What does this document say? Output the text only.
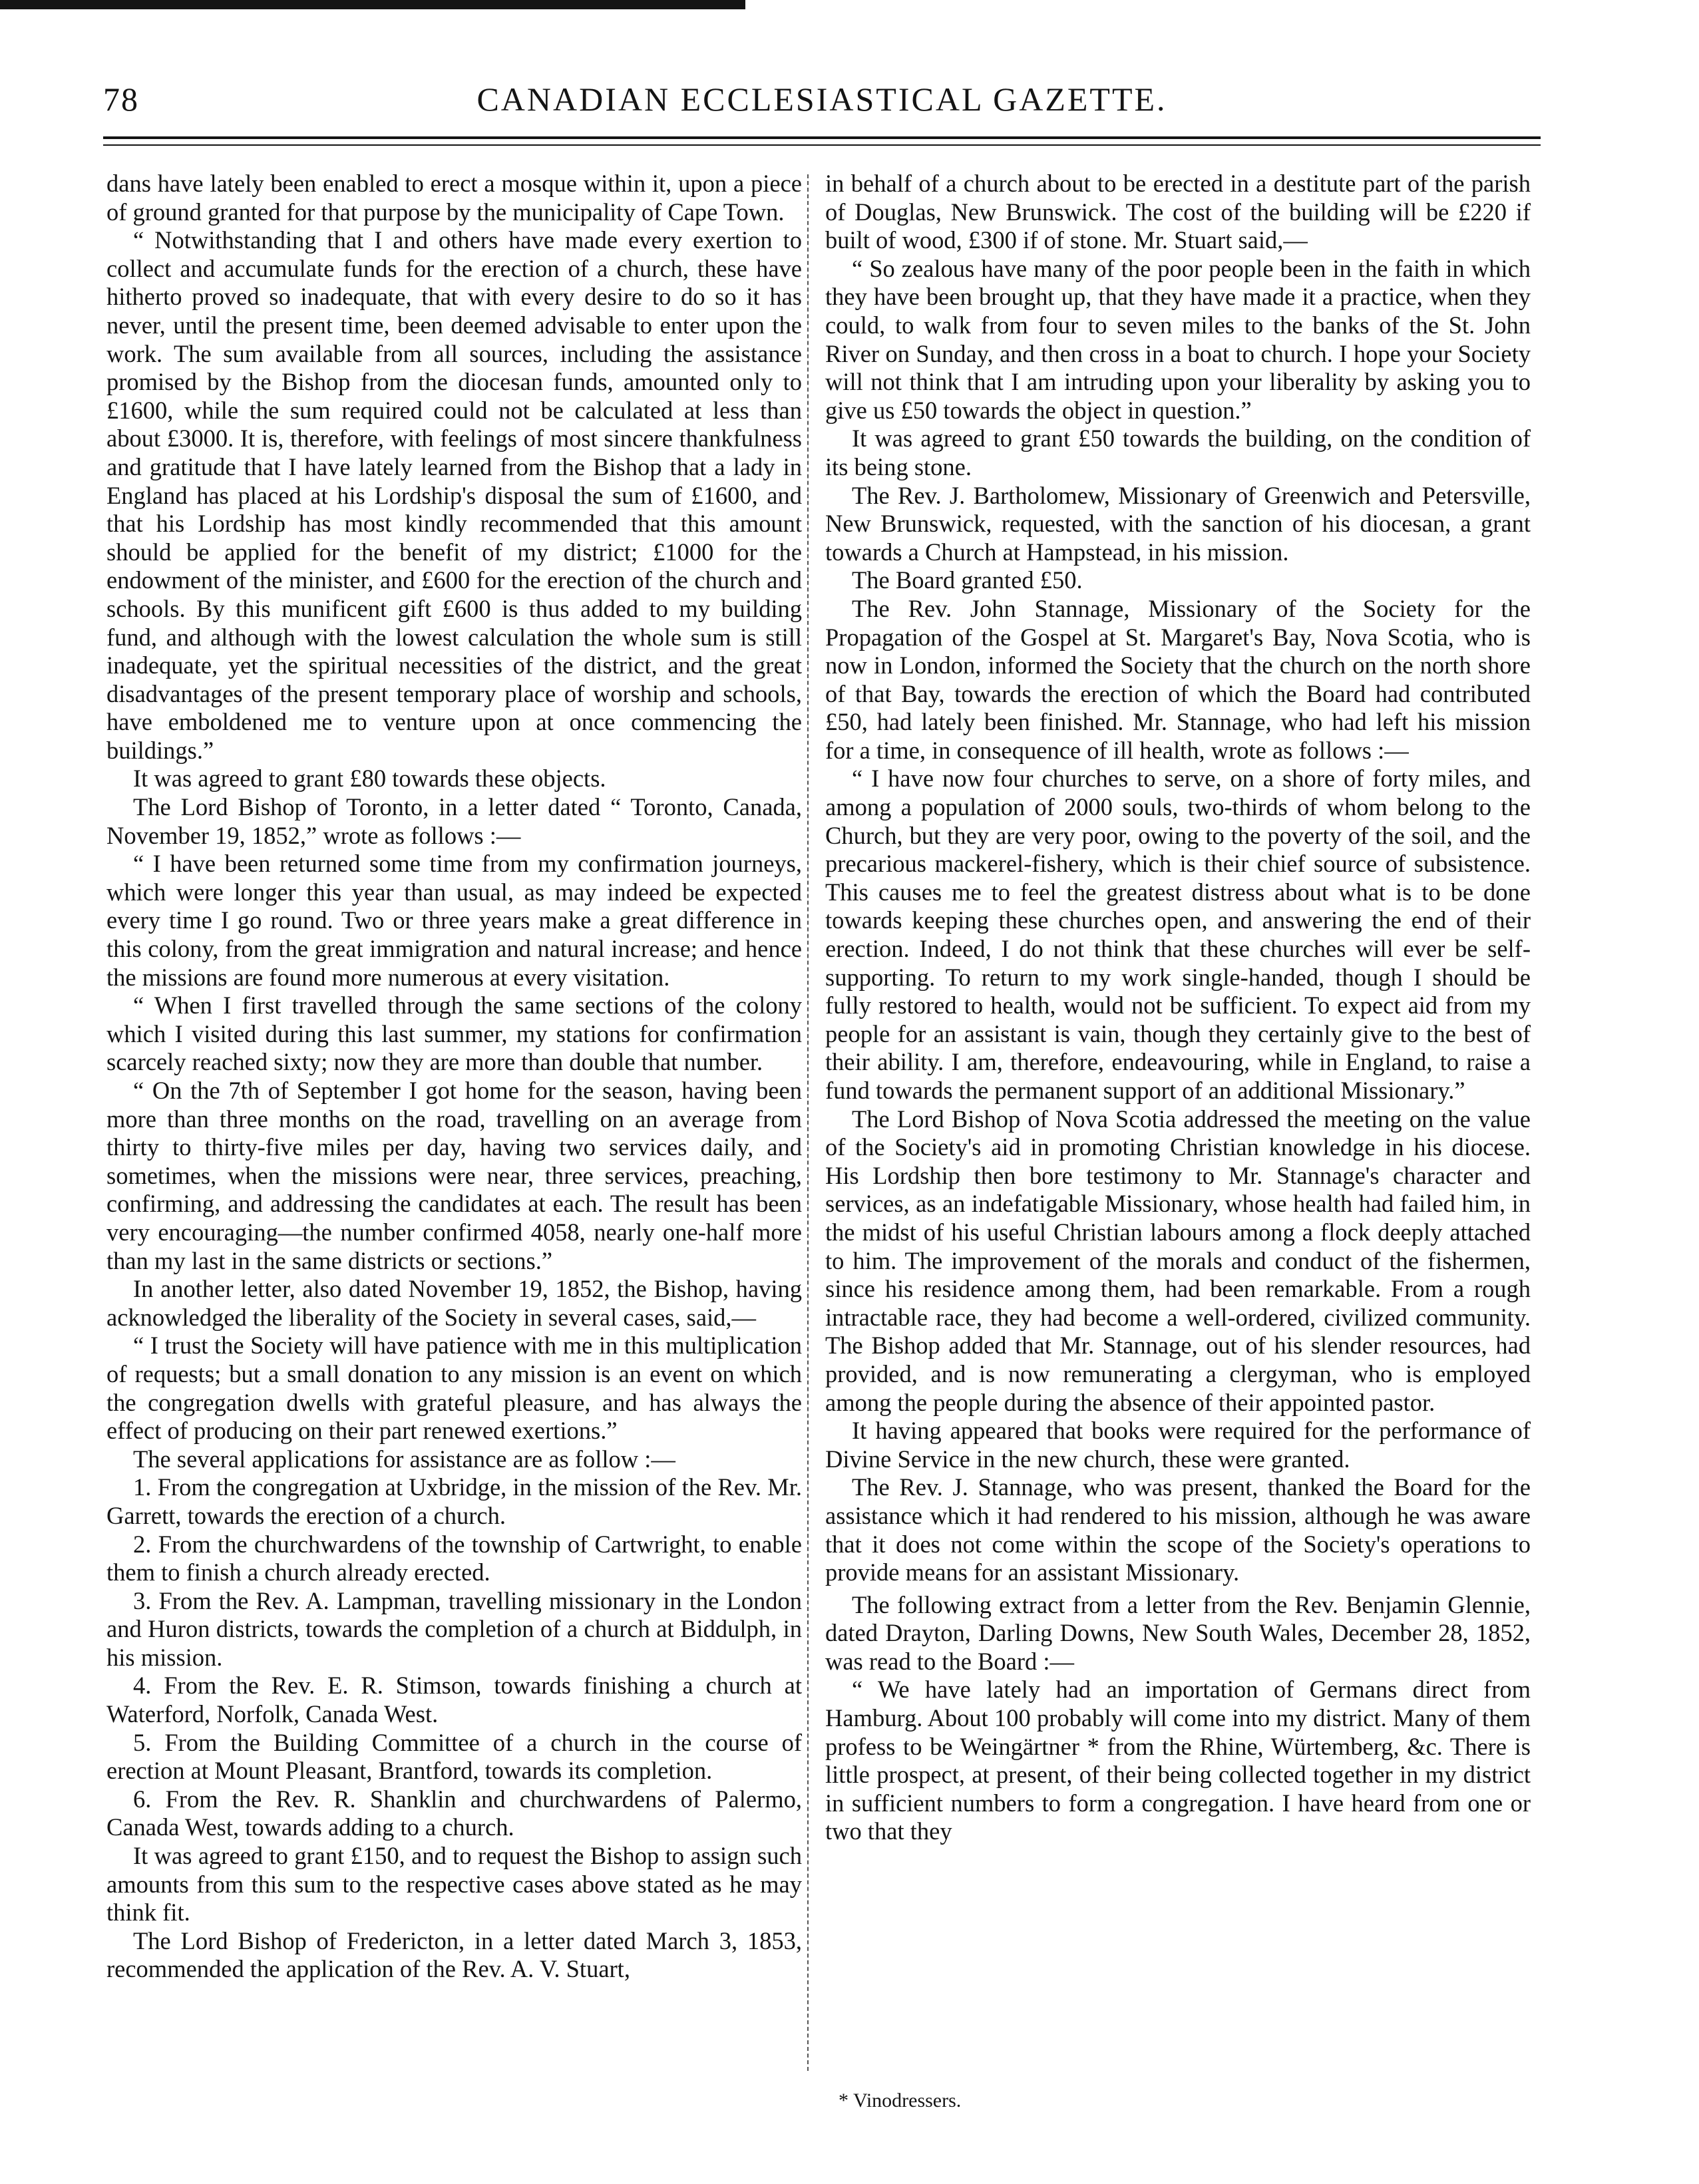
78	CANADIAN ECCLESIASTICAL GAZETTE.

dans have lately been enabled to erect a mosque within it, upon a piece of ground granted for that purpose by the municipality of Cape Town.

“ Notwithstanding that I and others have made every exertion to collect and accumulate funds for the erection of a church, these have hitherto proved so inadequate, that with every desire to do so it has never, until the present time, been deemed advisable to enter upon the work. The sum available from all sources, including the assistance promised by the Bishop from the diocesan funds, amounted only to £1600, while the sum required could not be calculated at less than about £3000. It is, therefore, with feelings of most sincere thankfulness and gratitude that I have lately learned from the Bishop that a lady in England has placed at his Lordship's disposal the sum of £1600, and that his Lordship has most kindly recommended that this amount should be applied for the benefit of my district; £1000 for the endowment of the minister, and £600 for the erection of the church and schools. By this munificent gift £600 is thus added to my building fund, and although with the lowest calculation the whole sum is still inadequate, yet the spiritual necessities of the district, and the great disadvantages of the present temporary place of worship and schools, have emboldened me to venture upon at once commencing the buildings.”

It was agreed to grant £80 towards these objects.

The Lord Bishop of Toronto, in a letter dated “ Toronto, Canada, November 19, 1852,” wrote as follows :—

“ I have been returned some time from my confirmation journeys, which were longer this year than usual, as may indeed be expected every time I go round. Two or three years make a great difference in this colony, from the great immigration and natural increase; and hence the missions are found more numerous at every visitation.

“ When I first travelled through the same sections of the colony which I visited during this last summer, my stations for confirmation scarcely reached sixty; now they are more than double that number.

“ On the 7th of September I got home for the season, having been more than three months on the road, travelling on an average from thirty to thirty-five miles per day, having two services daily, and sometimes, when the missions were near, three services, preaching, confirming, and addressing the candidates at each. The result has been very encouraging—the number confirmed 4058, nearly one-half more than my last in the same districts or sections.”

In another letter, also dated November 19, 1852, the Bishop, having acknowledged the liberality of the Society in several cases, said,—

“ I trust the Society will have patience with me in this multiplication of requests; but a small donation to any mission is an event on which the congregation dwells with grateful pleasure, and has always the effect of producing on their part renewed exertions.”

The several applications for assistance are as follow :—

1. From the congregation at Uxbridge, in the mission of the Rev. Mr. Garrett, towards the erection of a church.

2. From the churchwardens of the township of Cartwright, to enable them to finish a church already erected.

3. From the Rev. A. Lampman, travelling missionary in the London and Huron districts, towards the completion of a church at Biddulph, in his mission.

4. From the Rev. E. R. Stimson, towards finishing a church at Waterford, Norfolk, Canada West.

5. From the Building Committee of a church in the course of erection at Mount Pleasant, Brantford, towards its completion.

6. From the Rev. R. Shanklin and churchwardens of Palermo, Canada West, towards adding to a church.

It was agreed to grant £150, and to request the Bishop to assign such amounts from this sum to the respective cases above stated as he may think fit.

The Lord Bishop of Fredericton, in a letter dated March 3, 1853, recommended the application of the Rev. A. V. Stuart,

in behalf of a church about to be erected in a destitute part of the parish of Douglas, New Brunswick. The cost of the building will be £220 if built of wood, £300 if of stone. Mr. Stuart said,—

“ So zealous have many of the poor people been in the faith in which they have been brought up, that they have made it a practice, when they could, to walk from four to seven miles to the banks of the St. John River on Sunday, and then cross in a boat to church. I hope your Society will not think that I am intruding upon your liberality by asking you to give us £50 towards the object in question.”

It was agreed to grant £50 towards the building, on the condition of its being stone.

The Rev. J. Bartholomew, Missionary of Greenwich and Petersville, New Brunswick, requested, with the sanction of his diocesan, a grant towards a Church at Hampstead, in his mission.

The Board granted £50.

The Rev. John Stannage, Missionary of the Society for the Propagation of the Gospel at St. Margaret's Bay, Nova Scotia, who is now in London, informed the Society that the church on the north shore of that Bay, towards the erection of which the Board had contributed £50, had lately been finished. Mr. Stannage, who had left his mission for a time, in consequence of ill health, wrote as follows :—

“ I have now four churches to serve, on a shore of forty miles, and among a population of 2000 souls, two-thirds of whom belong to the Church, but they are very poor, owing to the poverty of the soil, and the precarious mackerel-fishery, which is their chief source of subsistence. This causes me to feel the greatest distress about what is to be done towards keeping these churches open, and answering the end of their erection. Indeed, I do not think that these churches will ever be self-supporting. To return to my work single-handed, though I should be fully restored to health, would not be sufficient. To expect aid from my people for an assistant is vain, though they certainly give to the best of their ability. I am, therefore, endeavouring, while in England, to raise a fund towards the permanent support of an additional Missionary.”

The Lord Bishop of Nova Scotia addressed the meeting on the value of the Society's aid in promoting Christian knowledge in his diocese. His Lordship then bore testimony to Mr. Stannage's character and services, as an indefatigable Missionary, whose health had failed him, in the midst of his useful Christian labours among a flock deeply attached to him. The improvement of the morals and conduct of the fishermen, since his residence among them, had been remarkable. From a rough intractable race, they had become a well-ordered, civilized community. The Bishop added that Mr. Stannage, out of his slender resources, had provided, and is now remunerating a clergyman, who is employed among the people during the absence of their appointed pastor.

It having appeared that books were required for the performance of Divine Service in the new church, these were granted.

The Rev. J. Stannage, who was present, thanked the Board for the assistance which it had rendered to his mission, although he was aware that it does not come within the scope of the Society's operations to provide means for an assistant Missionary.

The following extract from a letter from the Rev. Benjamin Glennie, dated Drayton, Darling Downs, New South Wales, December 28, 1852, was read to the Board :—

“ We have lately had an importation of Germans direct from Hamburg. About 100 probably will come into my district. Many of them profess to be Weingärtner * from the Rhine, Würtemberg, &c. There is little prospect, at present, of their being collected together in my district in sufficient numbers to form a congregation. I have heard from one or two that they

* Vinodressers.
